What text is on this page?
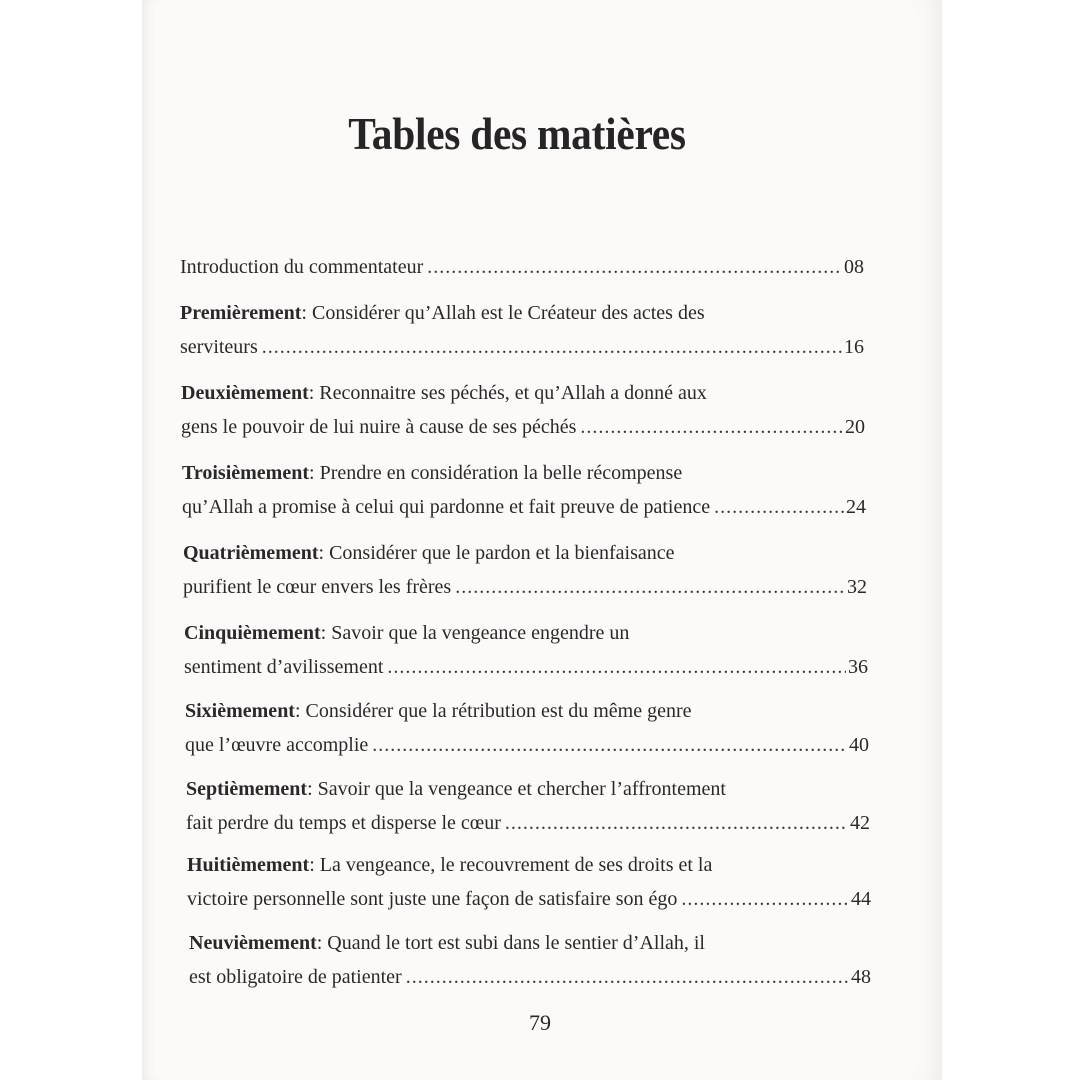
Tables des matières
Introduction du commentateur .....	08
Premièrement : Considérer qu’Allah est le Créateur des actes des
serviteurs .....	16
Deuxièmement : Reconnaitre ses péchés, et qu’Allah a donné aux
gens le pouvoir de lui nuire à cause de ses péchés .....	20
Troisièmement : Prendre en considération la belle récompense
qu’Allah a promise à celui qui pardonne et fait preuve de patience .....	24
Quatrièmement : Considérer que le pardon et la bienfaisance
purifient le cœur envers les frères .....	32
Cinquièmement : Savoir que la vengeance engendre un
sentiment d’avilissement .....	36
Sixièmement : Considérer que la rétribution est du même genre
que l’œuvre accomplie .....	40
Septièmement : Savoir que la vengeance et chercher l’affrontement
fait perdre du temps et disperse le cœur .....	42
Huitièmement : La vengeance, le recouvrement de ses droits et la
victoire personnelle sont juste une façon de satisfaire son égo .....	44
Neuvièmement : Quand le tort est subi dans le sentier d’Allah, il
est obligatoire de patienter .....	48
79
